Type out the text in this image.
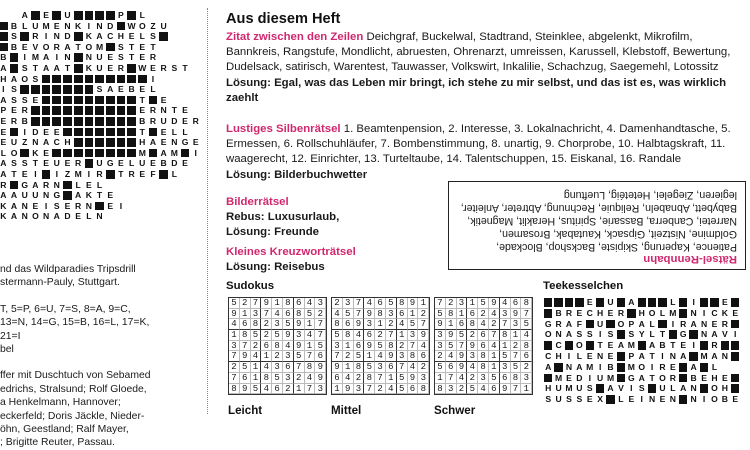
A E U	P	L
B L U M E N K I N D W O Z U
S R I N D K A C H E L S
B E V O R A T O M S T E T
B	I M A I N N U E S T E R
A S T A A T	K U E R W E R S T
H A O S	I
I S	S A E B E L
A S S E	T	E
P E R	E R N T E
E R B	B R U D E R
E	I D E E	T	E L L
E U Z N A C H	H A E N G E
L O K E	M A M	I
A S S T E U E R U G E L U E B D E
A T E I	I Z M I R	T R E F	L
R G A R N	L E L
A A U U N G A K T E
K A N E I S E R N E I
K A N O N A D E L N
nd das Wildparadies Tripsdrill
stermann-Pauly, Stuttgart.
T, 5=P, 6=U, 7=S, 8=A, 9=C,
13=N, 14=G, 15=B, 16=L, 17=K,
21=I
bel
ffer mit Duschtuch von Sebamed
edrichs, Stralsund; Rolf Gloede,
a Henkelmann, Hannover;
eckerfeld; Doris Jäckle, Nieder-
öhn, Geestland; Ralf Mayer,
; Brigitte Reuter, Passau.
Aus diesem Heft
Zitat zwischen den Zeilen Deichgraf, Buckelwal, Stadtrand, Steinklee, abgelenkt, Mikrofilm, Bannkreis, Rangstufe, Mondlicht, abruesten, Ohrenarzt, umreissen, Karussell, Klebstoff, Bewertung, Dudelsack, satirisch, Warentest, Tauwasser, Volkswirt, Inkalilie, Schachzug, Saegemehl, Lotossitz
Lösung: Egal, was das Leben mir bringt, ich stehe zu mir selbst, und das ist es, was wirklich zaehlt
Lustiges Silbenrätsel 1. Beamtenpension, 2. Interesse, 3. Lokalnachricht, 4. Damenhandtasche, 5. Ermessen, 6. Rollschuhläufer, 7. Bombenstimmung, 8. unartig, 9. Chorprobe, 10. Halbtagskraft, 11. waagerecht, 12. Einrichter, 13. Turteltaube, 14. Talentschuppen, 15. Eiskanal, 16. Randale
Lösung: Bilderbuchwetter
Bilderrätsel
Rebus: Luxusurlaub,
Lösung: Freunde
Kleines Kreuzworträtsel
Lösung: Reisebus
Rätsel-Rennbahn
Patience, Kaperung, Skipiste, Backshop, Blockade, Goldmine, Nistzeit, Gipsack, Kautabak, Brosamen, Narretei, Canberra, Bassarie, Spiritus, Heraklit, Magnetik, Babybett, Abnabeln, Reliquie, Rechnung, Abtreter, Anleiter, legieren, Ziegelei, Hetetéig, Lueftung
Sudokus	Teekesselchen
5 2 7 9 1 8 6 4 3
9 1 3 7 4 6 8 5 2
4 6 8 2 3 5 9 1 7
1 8 5 2 5 9 3 4 7
3 7 2 6 8 4 9 1 5
7 9 4 1 2 3 5 7 6
2 5 1 4 3 6 7 8 9
7 6 1 8 5 3 2 4 9
8 9 5 4 6 2 1 7 3
2 3 7 4 6 5 8 9 1
4 5 7 9 8 3 6 1 2
8 6 9 3 1 2 4 5 7
5 8 4 6 2 7 1 3 9
3 1 6 9 5 8 2 7 4
7 2 5 1 4 9 3 8 6
9 1 8 5 3 6 7 4 2
6 4 2 8 7 1 5 9 3
1 9 3 7 2 4 5 6 8
7 2 3 1 5 9 4 6 8
5 8 1 6 2 4 3 9 7
9 1 6 8 4 2 7 3 5
3 9 5 2 6 7 8 1 4
3 5 7 9 6 4 1 2 8
2 4 9 3 8 1 5 7 6
5 6 9 4 8 1 3 5 2
1 7 4 2 3 5 6 8 3
8 3 2 5 4 6 9 7 1
Leicht	Mittel	Schwer
E U A	L	I	E
B R E C H E R H O L M N I C K E
G R A F U O P A L	I R A N E R
O N A S S I S S Y L T G N A V I
C O T E A M A B T E I	R
C H I L E N E P A T I N A M A N
A N A M I B M O I R E A L
M E D I U M G A T O R B E H E
H U M U S A V I S U L A N O H
S U S S E X L E I N E N N I O B E
